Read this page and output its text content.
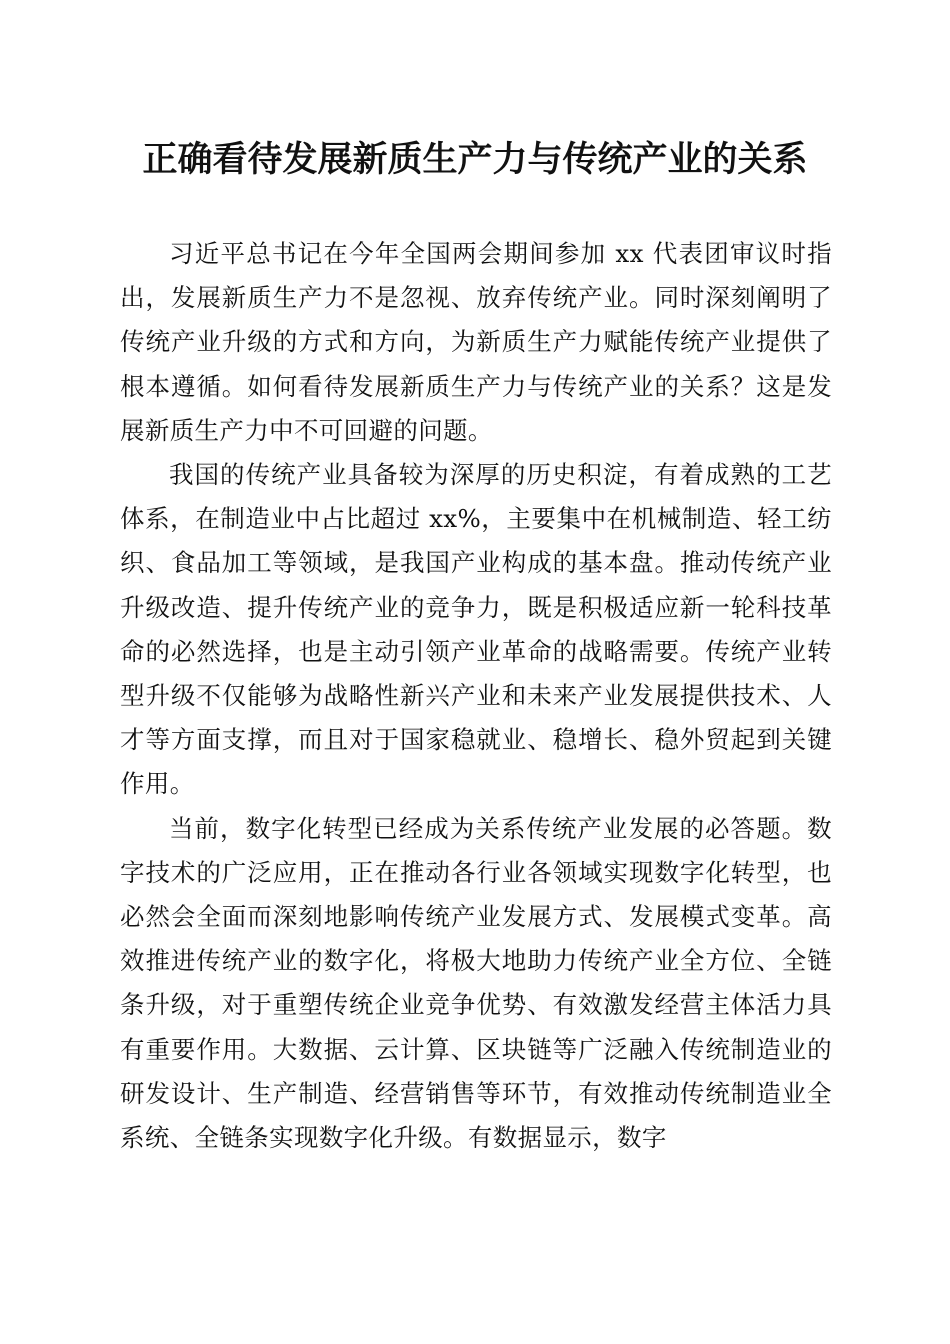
正确看待发展新质生产力与传统产业的关系

习近平总书记在今年全国两会期间参加 xx 代表团审议时指出，发展新质生产力不是忽视、放弃传统产业。同时深刻阐明了传统产业升级的方式和方向，为新质生产力赋能传统产业提供了根本遵循。如何看待发展新质生产力与传统产业的关系？这是发展新质生产力中不可回避的问题。

我国的传统产业具备较为深厚的历史积淀，有着成熟的工艺体系，在制造业中占比超过 xx%，主要集中在机械制造、轻工纺织、食品加工等领域，是我国产业构成的基本盘。推动传统产业升级改造、提升传统产业的竞争力，既是积极适应新一轮科技革命的必然选择，也是主动引领产业革命的战略需要。传统产业转型升级不仅能够为战略性新兴产业和未来产业发展提供技术、人才等方面支撑，而且对于国家稳就业、稳增长、稳外贸起到关键作用。

当前，数字化转型已经成为关系传统产业发展的必答题。数字技术的广泛应用，正在推动各行业各领域实现数字化转型，也必然会全面而深刻地影响传统产业发展方式、发展模式变革。高效推进传统产业的数字化，将极大地助力传统产业全方位、全链条升级，对于重塑传统企业竞争优势、有效激发经营主体活力具有重要作用。大数据、云计算、区块链等广泛融入传统制造业的研发设计、生产制造、经营销售等环节，有效推动传统制造业全系统、全链条实现数字化升级。有数据显示，数字
